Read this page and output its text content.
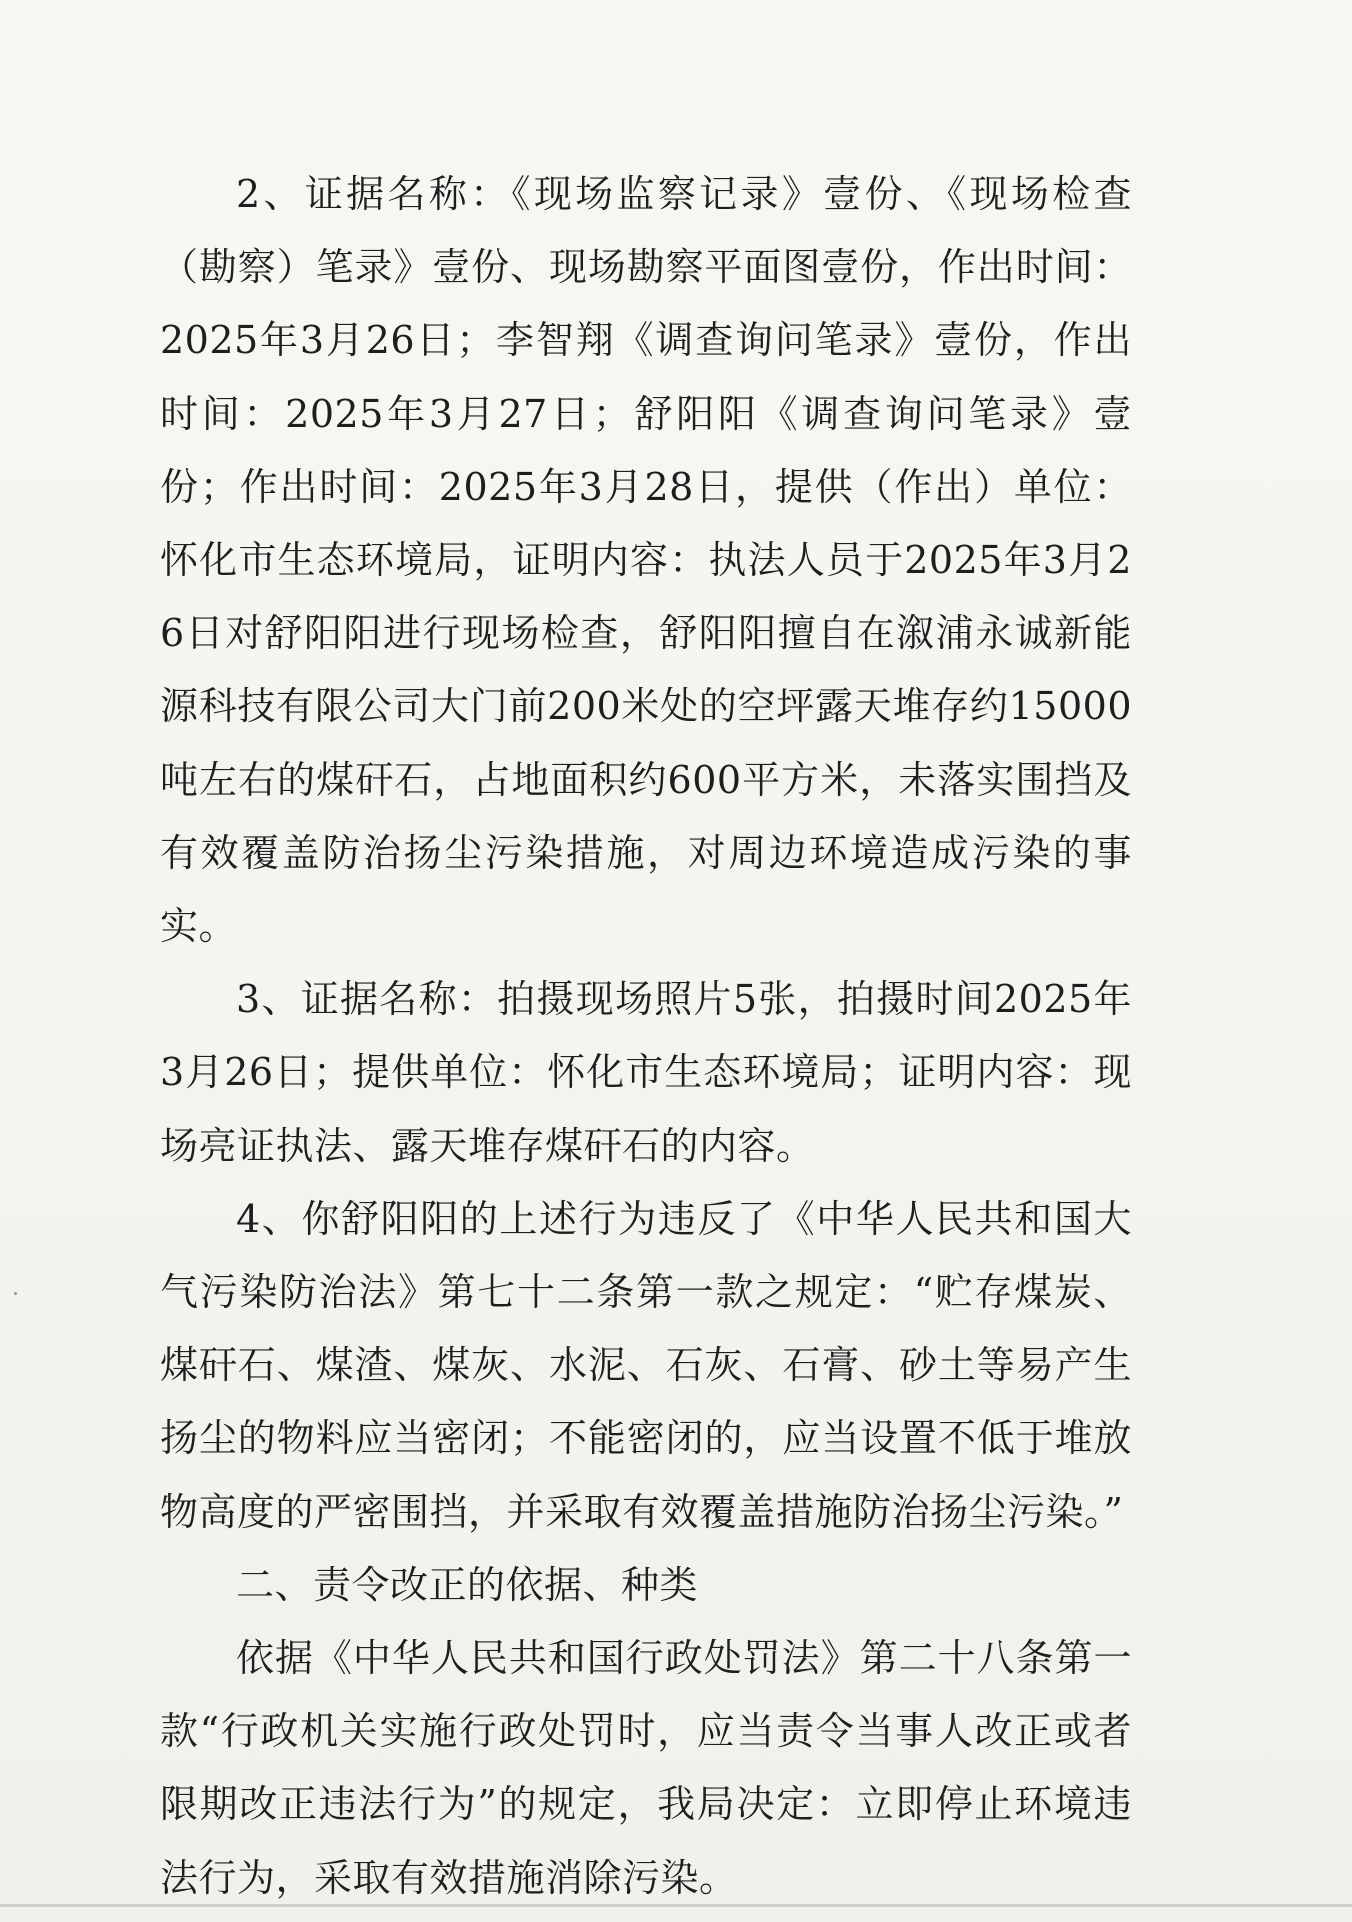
2、证据名称：《现场监察记录》壹份、《现场检查（勘察）笔录》壹份、现场勘察平面图壹份，作出时间：2025年3月26日；李智翔《调查询问笔录》壹份，作出时间：2025年3月27日；舒阳阳《调查询问笔录》壹份；作出时间：2025年3月28日，提供（作出）单位：怀化市生态环境局，证明内容：执法人员于2025年3月26日对舒阳阳进行现场检查，舒阳阳擅自在溆浦永诚新能源科技有限公司大门前200米处的空坪露天堆存约15000吨左右的煤矸石，占地面积约600平方米，未落实围挡及有效覆盖防治扬尘污染措施，对周边环境造成污染的事实。

3、证据名称：拍摄现场照片5张，拍摄时间2025年3月26日；提供单位：怀化市生态环境局；证明内容：现场亮证执法、露天堆存煤矸石的内容。

4、你舒阳阳的上述行为违反了《中华人民共和国大气污染防治法》第七十二条第一款之规定：“贮存煤炭、煤矸石、煤渣、煤灰、水泥、石灰、石膏、砂土等易产生扬尘的物料应当密闭；不能密闭的，应当设置不低于堆放物高度的严密围挡，并采取有效覆盖措施防治扬尘污染。”

二、责令改正的依据、种类

依据《中华人民共和国行政处罚法》第二十八条第一款“行政机关实施行政处罚时，应当责令当事人改正或者限期改正违法行为”的规定，我局决定：立即停止环境违法行为，采取有效措施消除污染。
